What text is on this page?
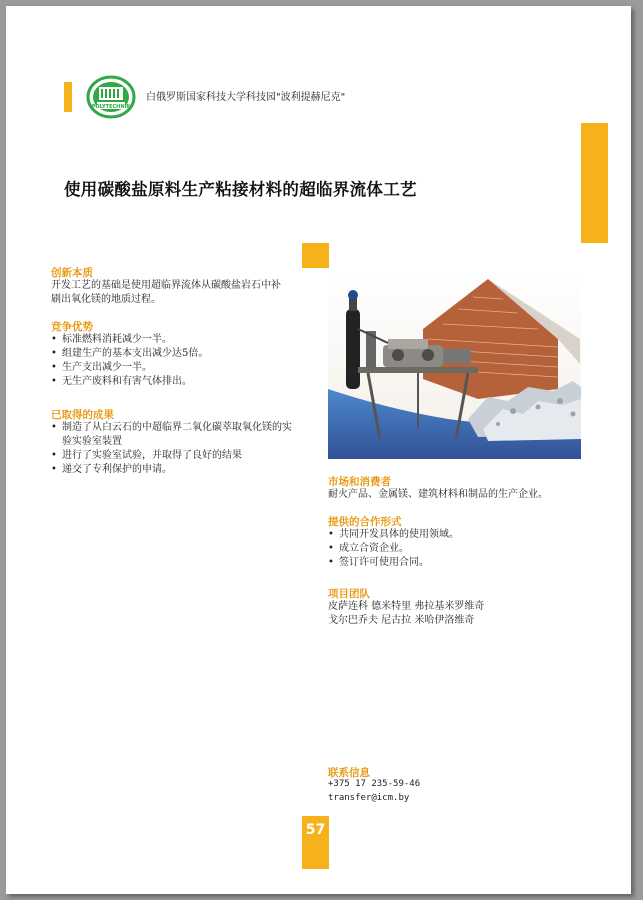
POLYTECHNIK
白俄罗斯国家科技大学科技园"波利提赫尼克"
使用碳酸盐原料生产粘接材料的超临界流体工艺

创新本质

开发工艺的基础是使用超临界流体从碳酸盐岩石中补刷出氧化镁的地质过程。

竞争优势

• 标准燃料消耗减少一半。
• 组建生产的基本支出减少达5倍。
• 生产支出减少一半。
• 无生产废料和有害气体排出。

已取得的成果

• 制造了从白云石的中超临界二氧化碳萃取氧化镁的实验实验室装置
• 进行了实验室试验，并取得了良好的结果
• 递交了专利保护的申请。

市场和消费者

耐火产品、金属镁、建筑材料和制品的生产企业。

提供的合作形式

• 共同开发具体的使用领域。
• 成立合资企业。
• 签订许可使用合同。

项目团队

皮萨连科 德米特里 弗拉基米罗维奇

戈尔巴乔夫 尼古拉 米哈伊洛维奇

联系信息

+375 17 235-59-46
transfer@icm.by
57
